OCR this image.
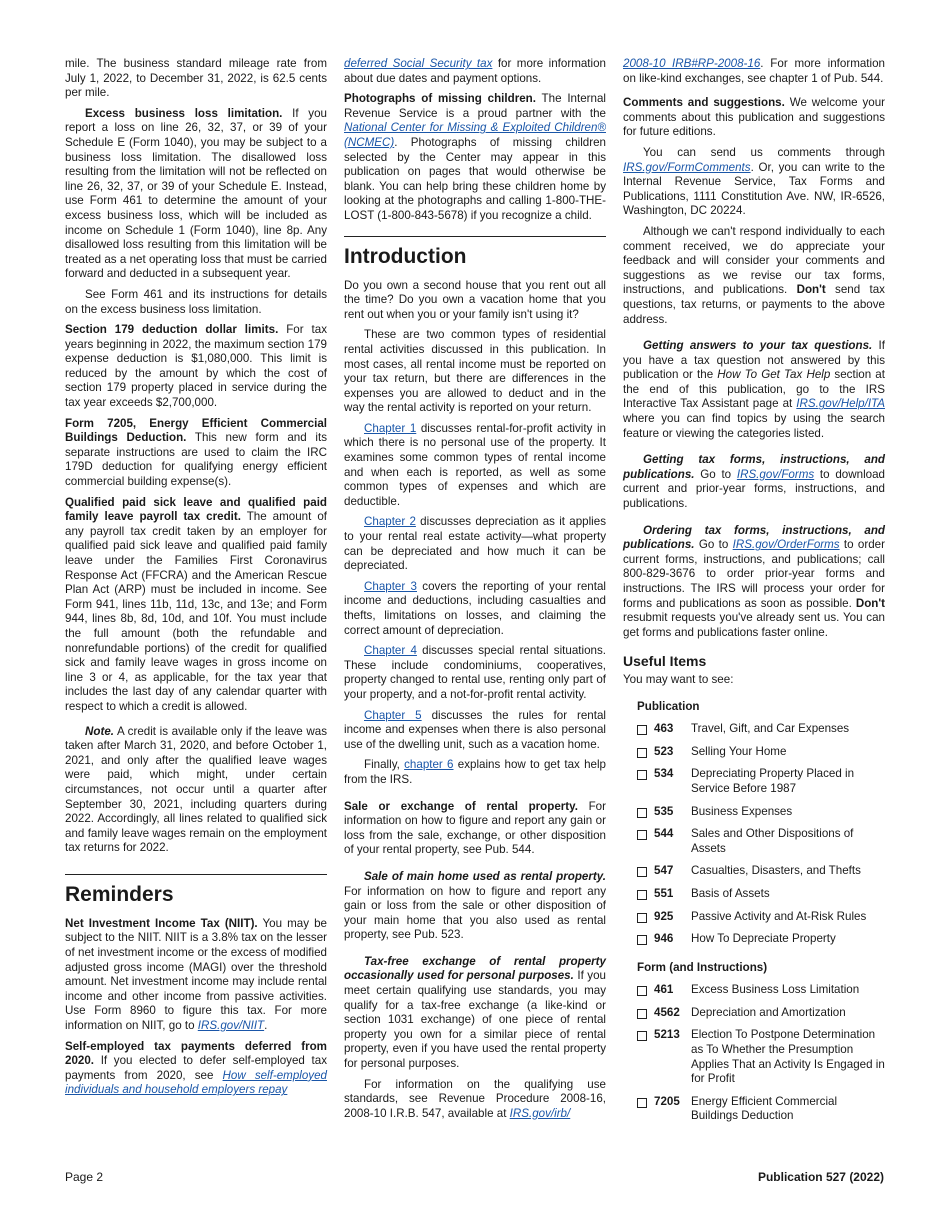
mile. The business standard mileage rate from July 1, 2022, to December 31, 2022, is 62.5 cents per mile.

Excess business loss limitation. If you report a loss on line 26, 32, 37, or 39 of your Schedule E (Form 1040), you may be subject to a business loss limitation. The disallowed loss resulting from the limitation will not be reflected on line 26, 32, 37, or 39 of your Schedule E. Instead, use Form 461 to determine the amount of your excess business loss, which will be included as income on Schedule 1 (Form 1040), line 8p. Any disallowed loss resulting from this limitation will be treated as a net operating loss that must be carried forward and deducted in a subsequent year.

See Form 461 and its instructions for details on the excess business loss limitation.

Section 179 deduction dollar limits. For tax years beginning in 2022, the maximum section 179 expense deduction is $1,080,000. This limit is reduced by the amount by which the cost of section 179 property placed in service during the tax year exceeds $2,700,000.

Form 7205, Energy Efficient Commercial Buildings Deduction. This new form and its separate instructions are used to claim the IRC 179D deduction for qualifying energy efficient commercial building expense(s).

Qualified paid sick leave and qualified paid family leave payroll tax credit. The amount of any payroll tax credit taken by an employer for qualified paid sick leave and qualified paid family leave under the Families First Coronavirus Response Act (FFCRA) and the American Rescue Plan Act (ARP) must be included in income. See Form 941, lines 11b, 11d, 13c, and 13e; and Form 944, lines 8b, 8d, 10d, and 10f. You must include the full amount (both the refundable and nonrefundable portions) of the credit for qualified sick and family leave wages in gross income on line 3 or 4, as applicable, for the tax year that includes the last day of any calendar quarter with respect to which a credit is allowed.

Note. A credit is available only if the leave was taken after March 31, 2020, and before October 1, 2021, and only after the qualified leave wages were paid, which might, under certain circumstances, not occur until a quarter after September 30, 2021, including quarters during 2022. Accordingly, all lines related to qualified sick and family leave wages remain on the employment tax returns for 2022.

Reminders

Net Investment Income Tax (NIIT). You may be subject to the NIIT. NIIT is a 3.8% tax on the lesser of net investment income or the excess of modified adjusted gross income (MAGI) over the threshold amount. Net investment income may include rental income and other income from passive activities. Use Form 8960 to figure this tax. For more information on NIIT, go to IRS.gov/NIIT.

Self-employed tax payments deferred from 2020. If you elected to defer self-employed tax payments from 2020, see How self-employed individuals and household employers repay

deferred Social Security tax for more information about due dates and payment options.

Photographs of missing children. The Internal Revenue Service is a proud partner with the National Center for Missing & Exploited Children® (NCMEC). Photographs of missing children selected by the Center may appear in this publication on pages that would otherwise be blank. You can help bring these children home by looking at the photographs and calling 1-800-THE-LOST (1-800-843-5678) if you recognize a child.

Introduction

Do you own a second house that you rent out all the time? Do you own a vacation home that you rent out when you or your family isn't using it?

These are two common types of residential rental activities discussed in this publication. In most cases, all rental income must be reported on your tax return, but there are differences in the expenses you are allowed to deduct and in the way the rental activity is reported on your return.

Chapter 1 discusses rental-for-profit activity in which there is no personal use of the property. It examines some common types of rental income and when each is reported, as well as some common types of expenses and which are deductible.

Chapter 2 discusses depreciation as it applies to your rental real estate activity—what property can be depreciated and how much it can be depreciated.

Chapter 3 covers the reporting of your rental income and deductions, including casualties and thefts, limitations on losses, and claiming the correct amount of depreciation.

Chapter 4 discusses special rental situations. These include condominiums, cooperatives, property changed to rental use, renting only part of your property, and a not-for-profit rental activity.

Chapter 5 discusses the rules for rental income and expenses when there is also personal use of the dwelling unit, such as a vacation home.

Finally, chapter 6 explains how to get tax help from the IRS.

Sale or exchange of rental property. For information on how to figure and report any gain or loss from the sale, exchange, or other disposition of your rental property, see Pub. 544.

Sale of main home used as rental property. For information on how to figure and report any gain or loss from the sale or other disposition of your main home that you also used as rental property, see Pub. 523.

Tax-free exchange of rental property occasionally used for personal purposes. If you meet certain qualifying use standards, you may qualify for a tax-free exchange (a like-kind or section 1031 exchange) of one piece of rental property you own for a similar piece of rental property, even if you have used the rental property for personal purposes.

For information on the qualifying use standards, see Revenue Procedure 2008-16, 2008-10 I.R.B. 547, available at IRS.gov/irb/

2008-10_IRB#RP-2008-16. For more information on like-kind exchanges, see chapter 1 of Pub. 544.

Comments and suggestions. We welcome your comments about this publication and suggestions for future editions.

You can send us comments through IRS.gov/FormComments. Or, you can write to the Internal Revenue Service, Tax Forms and Publications, 1111 Constitution Ave. NW, IR-6526, Washington, DC 20224.

Although we can't respond individually to each comment received, we do appreciate your feedback and will consider your comments and suggestions as we revise our tax forms, instructions, and publications. Don't send tax questions, tax returns, or payments to the above address.

Getting answers to your tax questions. If you have a tax question not answered by this publication or the How To Get Tax Help section at the end of this publication, go to the IRS Interactive Tax Assistant page at IRS.gov/Help/ITA where you can find topics by using the search feature or viewing the categories listed.

Getting tax forms, instructions, and publications. Go to IRS.gov/Forms to download current and prior-year forms, instructions, and publications.

Ordering tax forms, instructions, and publications. Go to IRS.gov/OrderForms to order current forms, instructions, and publications; call 800-829-3676 to order prior-year forms and instructions. The IRS will process your order for forms and publications as soon as possible. Don't resubmit requests you've already sent us. You can get forms and publications faster online.

Useful Items

You may want to see:

Publication
463	Travel, Gift, and Car Expenses
523	Selling Your Home
534	Depreciating Property Placed in Service Before 1987
535	Business Expenses
544	Sales and Other Dispositions of Assets
547	Casualties, Disasters, and Thefts
551	Basis of Assets
925	Passive Activity and At-Risk Rules
946	How To Depreciate Property
Form (and Instructions)
461	Excess Business Loss Limitation
4562 Depreciation and Amortization
5213 Election To Postpone Determination as To Whether the Presumption Applies That an Activity Is Engaged in for Profit
7205 Energy Efficient Commercial Buildings Deduction
Page 2	Publication 527 (2022)
